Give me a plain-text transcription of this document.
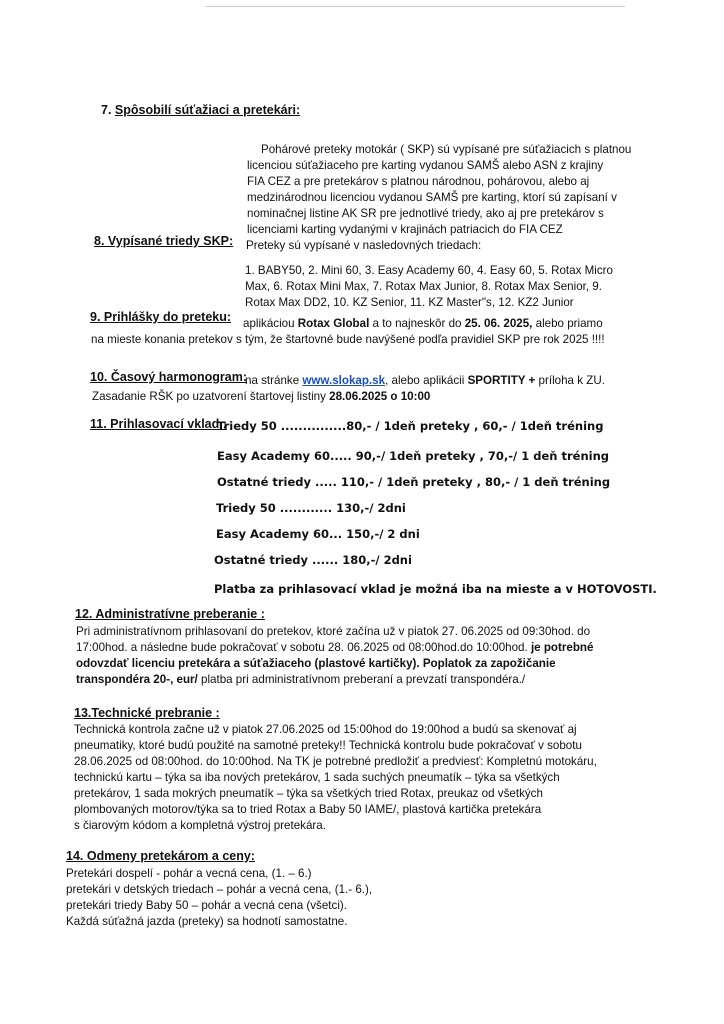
7. Spôsobilí súťažiaci a pretekári:
Pohárové preteky motokár ( SKP) sú vypísané pre súťažiacich s platnou
licenciou súťažiaceho pre karting vydanou SAMŠ alebo ASN z krajiny
FIA CEZ a pre pretekárov s platnou národnou, pohárovou, alebo aj
medzinárodnou licenciou vydanou SAMŠ pre karting, ktorí sú zapísaní v
nominačnej listine AK SR pre jednotlivé triedy, ako aj pre pretekárov s
licenciami karting vydanými v krajinách patriacich do FIA CEZ
8. Vypísané triedy SKP: Preteky sú vypísané v nasledovných triedach:
1. BABY50, 2. Mini 60, 3. Easy Academy 60, 4. Easy 60, 5. Rotax Micro
Max, 6. Rotax Mini Max, 7. Rotax Max Junior, 8. Rotax Max Senior, 9.
Rotax Max DD2, 10. KZ Senior, 11. KZ Master"s, 12. KZ2 Junior
9. Prihlášky do preteku: aplikáciou Rotax Global a to najneskôr do 25. 06. 2025, alebo priamo
na mieste konania pretekov s tým, že štartovné bude navýšené podľa pravidiel SKP pre rok 2025 !!!!
10. Časový harmonogram:
na stránke www.slokap.sk, alebo aplikácii SPORTITY + príloha k ZU.
Zasadanie RŠK po uzatvorení štartovej listiny 28.06.2025 o 10:00
11. Prihlasovací vklad :
Triedy 50 ...............80,- / 1deň preteky , 60,- / 1deň tréning
Easy Academy 60..... 90,-/ 1deň preteky , 70,-/ 1 deň tréning
Ostatné triedy ..... 110,- / 1deň preteky , 80,- / 1 deň tréning
Triedy 50 ............ 130,-/ 2dni
Easy Academy 60... 150,-/ 2 dni
Ostatné triedy ...... 180,-/ 2dni
Platba za prihlasovací vklad je možná iba na mieste a v HOTOVOSTI.
12. Administratívne preberanie :
Pri administratívnom prihlasovaní do pretekov, ktoré začína už v piatok 27. 06.2025 od 09:30hod. do
17:00hod. a následne bude pokračovať v sobotu 28. 06.2025 od 08:00hod.do 10:00hod. je potrebné
odovzdať licenciu pretekára a súťažiaceho (plastové kartičky). Poplatok za zapožičanie
transpondéra 20-, eur/ platba pri administratívnom preberaní a prevzatí transpondéra./
13.Technické prebranie :
Technická kontrola začne už v piatok 27.06.2025 od 15:00hod do 19:00hod a budú sa skenovať aj
pneumatiky, ktoré budú použité na samotné preteky!! Technická kontrolu bude pokračovať v sobotu
28.06.2025 od 08:00hod. do 10:00hod. Na TK je potrebné predložiť a predviesť: Kompletnú motokáru,
technickú kartu – týka sa iba nových pretekárov, 1 sada suchých pneumatík – týka sa všetkých
pretekárov, 1 sada mokrých pneumatík – týka sa všetkých tried Rotax, preukaz od všetkých
plombovaných motorov/týka sa to tried Rotax a Baby 50 IAME/, plastová kartička pretekára
s čiarovým kódom a kompletná výstroj pretekára.
14. Odmeny pretekárom a ceny:
Pretekári dospelí - pohár a vecná cena, (1. – 6.)
pretekári v detských triedach – pohár a vecná cena, (1.- 6.),
pretekári triedy Baby 50 – pohár a vecná cena (všetci).
Každá súťažná jazda (preteky) sa hodnotí samostatne.
